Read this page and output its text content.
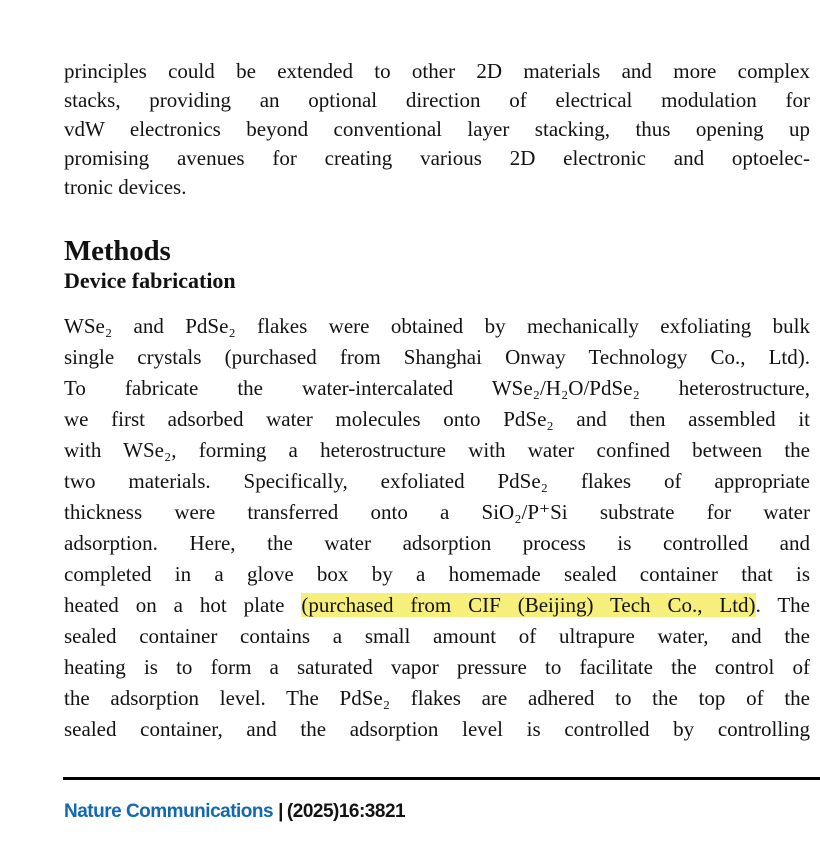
principles could be extended to other 2D materials and more complex
stacks, providing an optional direction of electrical modulation for
vdW electronics beyond conventional layer stacking, thus opening up
promising avenues for creating various 2D electronic and optoelec-
tronic devices.
Methods
Device fabrication
WSe₂ and PdSe₂ flakes were obtained by mechanically exfoliating bulk
single crystals (purchased from Shanghai Onway Technology Co., Ltd).
To fabricate the water-intercalated WSe₂/H₂O/PdSe₂ heterostructure,
we first adsorbed water molecules onto PdSe₂ and then assembled it
with WSe₂, forming a heterostructure with water confined between the
two materials. Specifically, exfoliated PdSe₂ flakes of appropriate
thickness were transferred onto a SiO₂/P⁺Si substrate for water
adsorption. Here, the water adsorption process is controlled and
completed in a glove box by a homemade sealed container that is
heated on a hot plate (purchased from CIF (Beijing) Tech Co., Ltd). The
sealed container contains a small amount of ultrapure water, and the
heating is to form a saturated vapor pressure to facilitate the control of
the adsorption level. The PdSe₂ flakes are adhered to the top of the
sealed container, and the adsorption level is controlled by controlling
Nature Communications | (2025)16:3821
